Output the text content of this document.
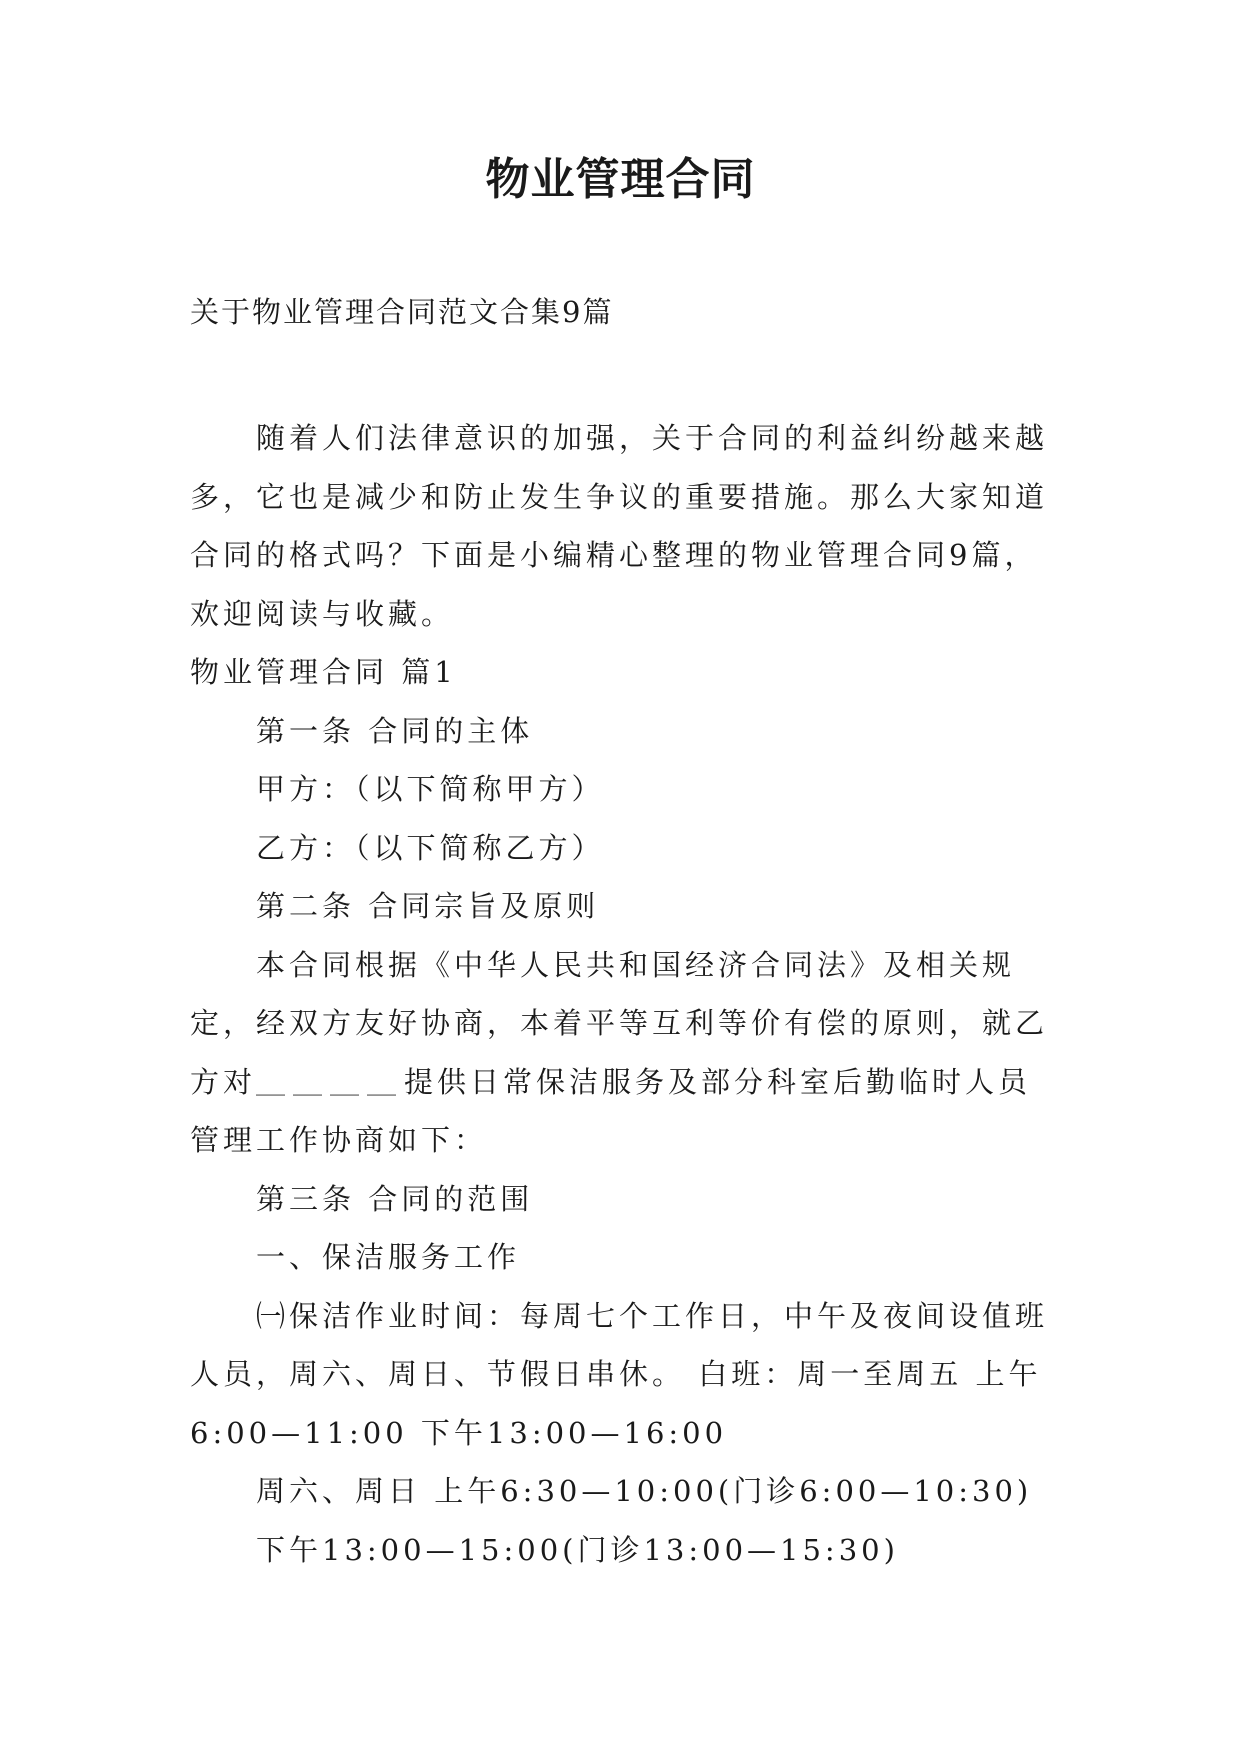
物业管理合同
关于物业管理合同范文合集9篇

随着人们法律意识的加强，关于合同的利益纠纷越来越多，它也是减少和防止发生争议的重要措施。那么大家知道合同的格式吗？下面是小编精心整理的物业管理合同9篇，欢迎阅读与收藏。

物业管理合同 篇1

第一条 合同的主体

甲方：（以下简称甲方）

乙方：（以下简称乙方）

第二条 合同宗旨及原则

本合同根据《中华人民共和国经济合同法》及相关规定，经双方友好协商，本着平等互利等价有偿的原则，就乙方对＿＿＿＿提供日常保洁服务及部分科室后勤临时人员管理工作协商如下：

第三条 合同的范围

一、保洁服务工作

㈠保洁作业时间：每周七个工作日，中午及夜间设值班人员，周六、周日、节假日串休。 白班：周一至周五 上午6:00—11:00 下午13:00—16:00

周六、周日 上午6:30—10:00(门诊6:00—10:30)

下午13:00—15:00(门诊13:00—15:30)
